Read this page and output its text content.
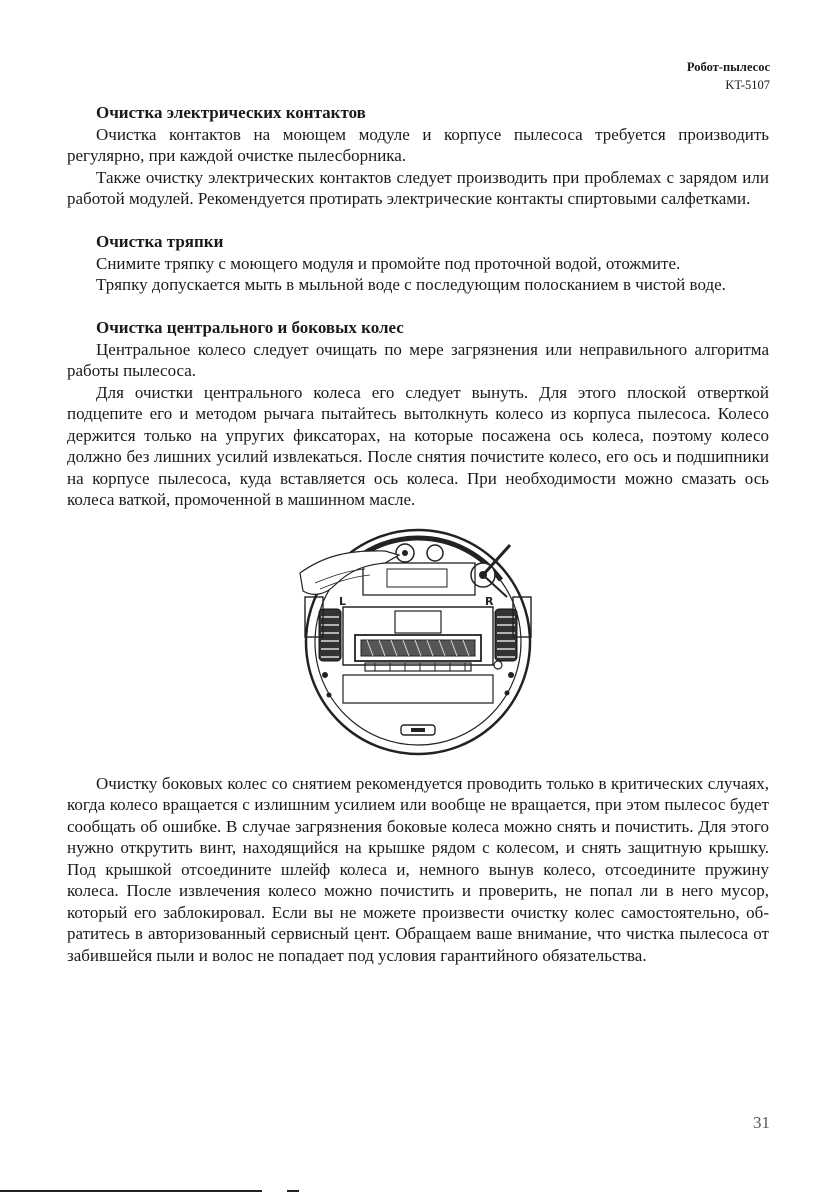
Робот-пылесос
KT-5107
Очистка электрических контактов

Очистка контактов на моющем модуле и корпусе пылесоса требуется производить регулярно, при каждой очистке пылесборника.

Также очистку электрических контактов следует производить при проблемах с зарядом или работой модулей. Рекомендуется протирать электрические контакты спиртовыми салфетками.

Очистка тряпки

Снимите тряпку с моющего модуля и промойте под проточной водой, отожмите.

Тряпку допускается мыть в мыльной воде с последующим полосканием в чистой воде.

Очистка центрального и боковых колес

Центральное колесо следует очищать по мере загрязнения или неправильного алгоритма работы пылесоса.

Для очистки центрального колеса его следует вынуть. Для этого плоской отверткой подцепите его и методом рычага пытайтесь вытолкнуть колесо из корпуса пылесоса. Колесо держится только на упругих фиксаторах, на которые посажена ось колеса, поэтому колесо должно без лишних усилий извлекаться. После снятия почистите колесо, его ось и подшипники на корпусе пылесоса, куда вставляется ось колеса. При необходимости можно смазать ось колеса ваткой, промоченной в машинном масле.

L	R

Очистку боковых колес со снятием рекомендуется проводить только в критических случаях, когда колесо вращается с излишним усилием или вообще не вращается, при этом пылесос будет сообщать об ошибке. В случае загрязнения боковые колеса можно снять и почистить. Для этого нужно открутить винт, находящийся на крышке рядом с колесом, и снять защитную крышку. Под крышкой отсоедините шлейф колеса и, немного вынув колесо, отсоедините пружину колеса. После извлечения колесо можно почистить и проверить, не попал ли в него мусор, который его заблокировал. Если вы не можете произвести очистку колес самостоятельно, обратитесь в авторизованный сервисный цент. Обращаем ваше внимание, что чистка пылесоса от забившейся пыли и волос не попадает под условия гарантийного обязательства.

31
